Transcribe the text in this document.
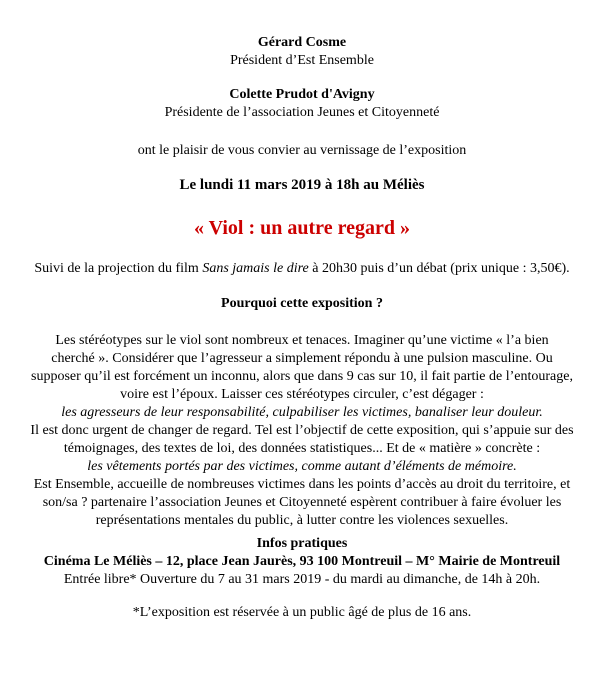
Gérard Cosme

Président d’Est Ensemble

Colette Prudot d'Avigny

Présidente de l’association Jeunes et Citoyenneté

ont le plaisir de vous convier au vernissage de l’exposition

Le lundi 11 mars 2019 à 18h au Méliès

« Viol : un autre regard »

Suivi de la projection du film Sans jamais le dire à 20h30 puis d’un débat (prix unique : 3,50€).

Pourquoi cette exposition ?

Les stéréotypes sur le viol sont nombreux et tenaces. Imaginer qu’une victime « l’a bien

cherché ». Considérer que l’agresseur a simplement répondu à une pulsion masculine. Ou

supposer qu’il est forcément un inconnu, alors que dans 9 cas sur 10, il fait partie de l’entourage,

voire est l’époux. Laisser ces stéréotypes circuler, c’est dégager :

les agresseurs de leur responsabilité, culpabiliser les victimes, banaliser leur douleur.

Il est donc urgent de changer de regard. Tel est l’objectif de cette exposition, qui s’appuie sur des

témoignages, des textes de loi, des données statistiques... Et de « matière » concrète :

les vêtements portés par des victimes, comme autant d’éléments de mémoire.

Est Ensemble, accueille de nombreuses victimes dans les points d’accès au droit du territoire, et

son/sa ? partenaire l’association Jeunes et Citoyenneté espèrent contribuer à faire évoluer les

représentations mentales du public, à lutter contre les violences sexuelles.

Infos pratiques

Cinéma Le Méliès – 12, place Jean Jaurès, 93 100 Montreuil – M° Mairie de Montreuil

Entrée libre* Ouverture du 7 au 31 mars 2019 - du mardi au dimanche, de 14h à 20h.

*L’exposition est réservée à un public âgé de plus de 16 ans.
